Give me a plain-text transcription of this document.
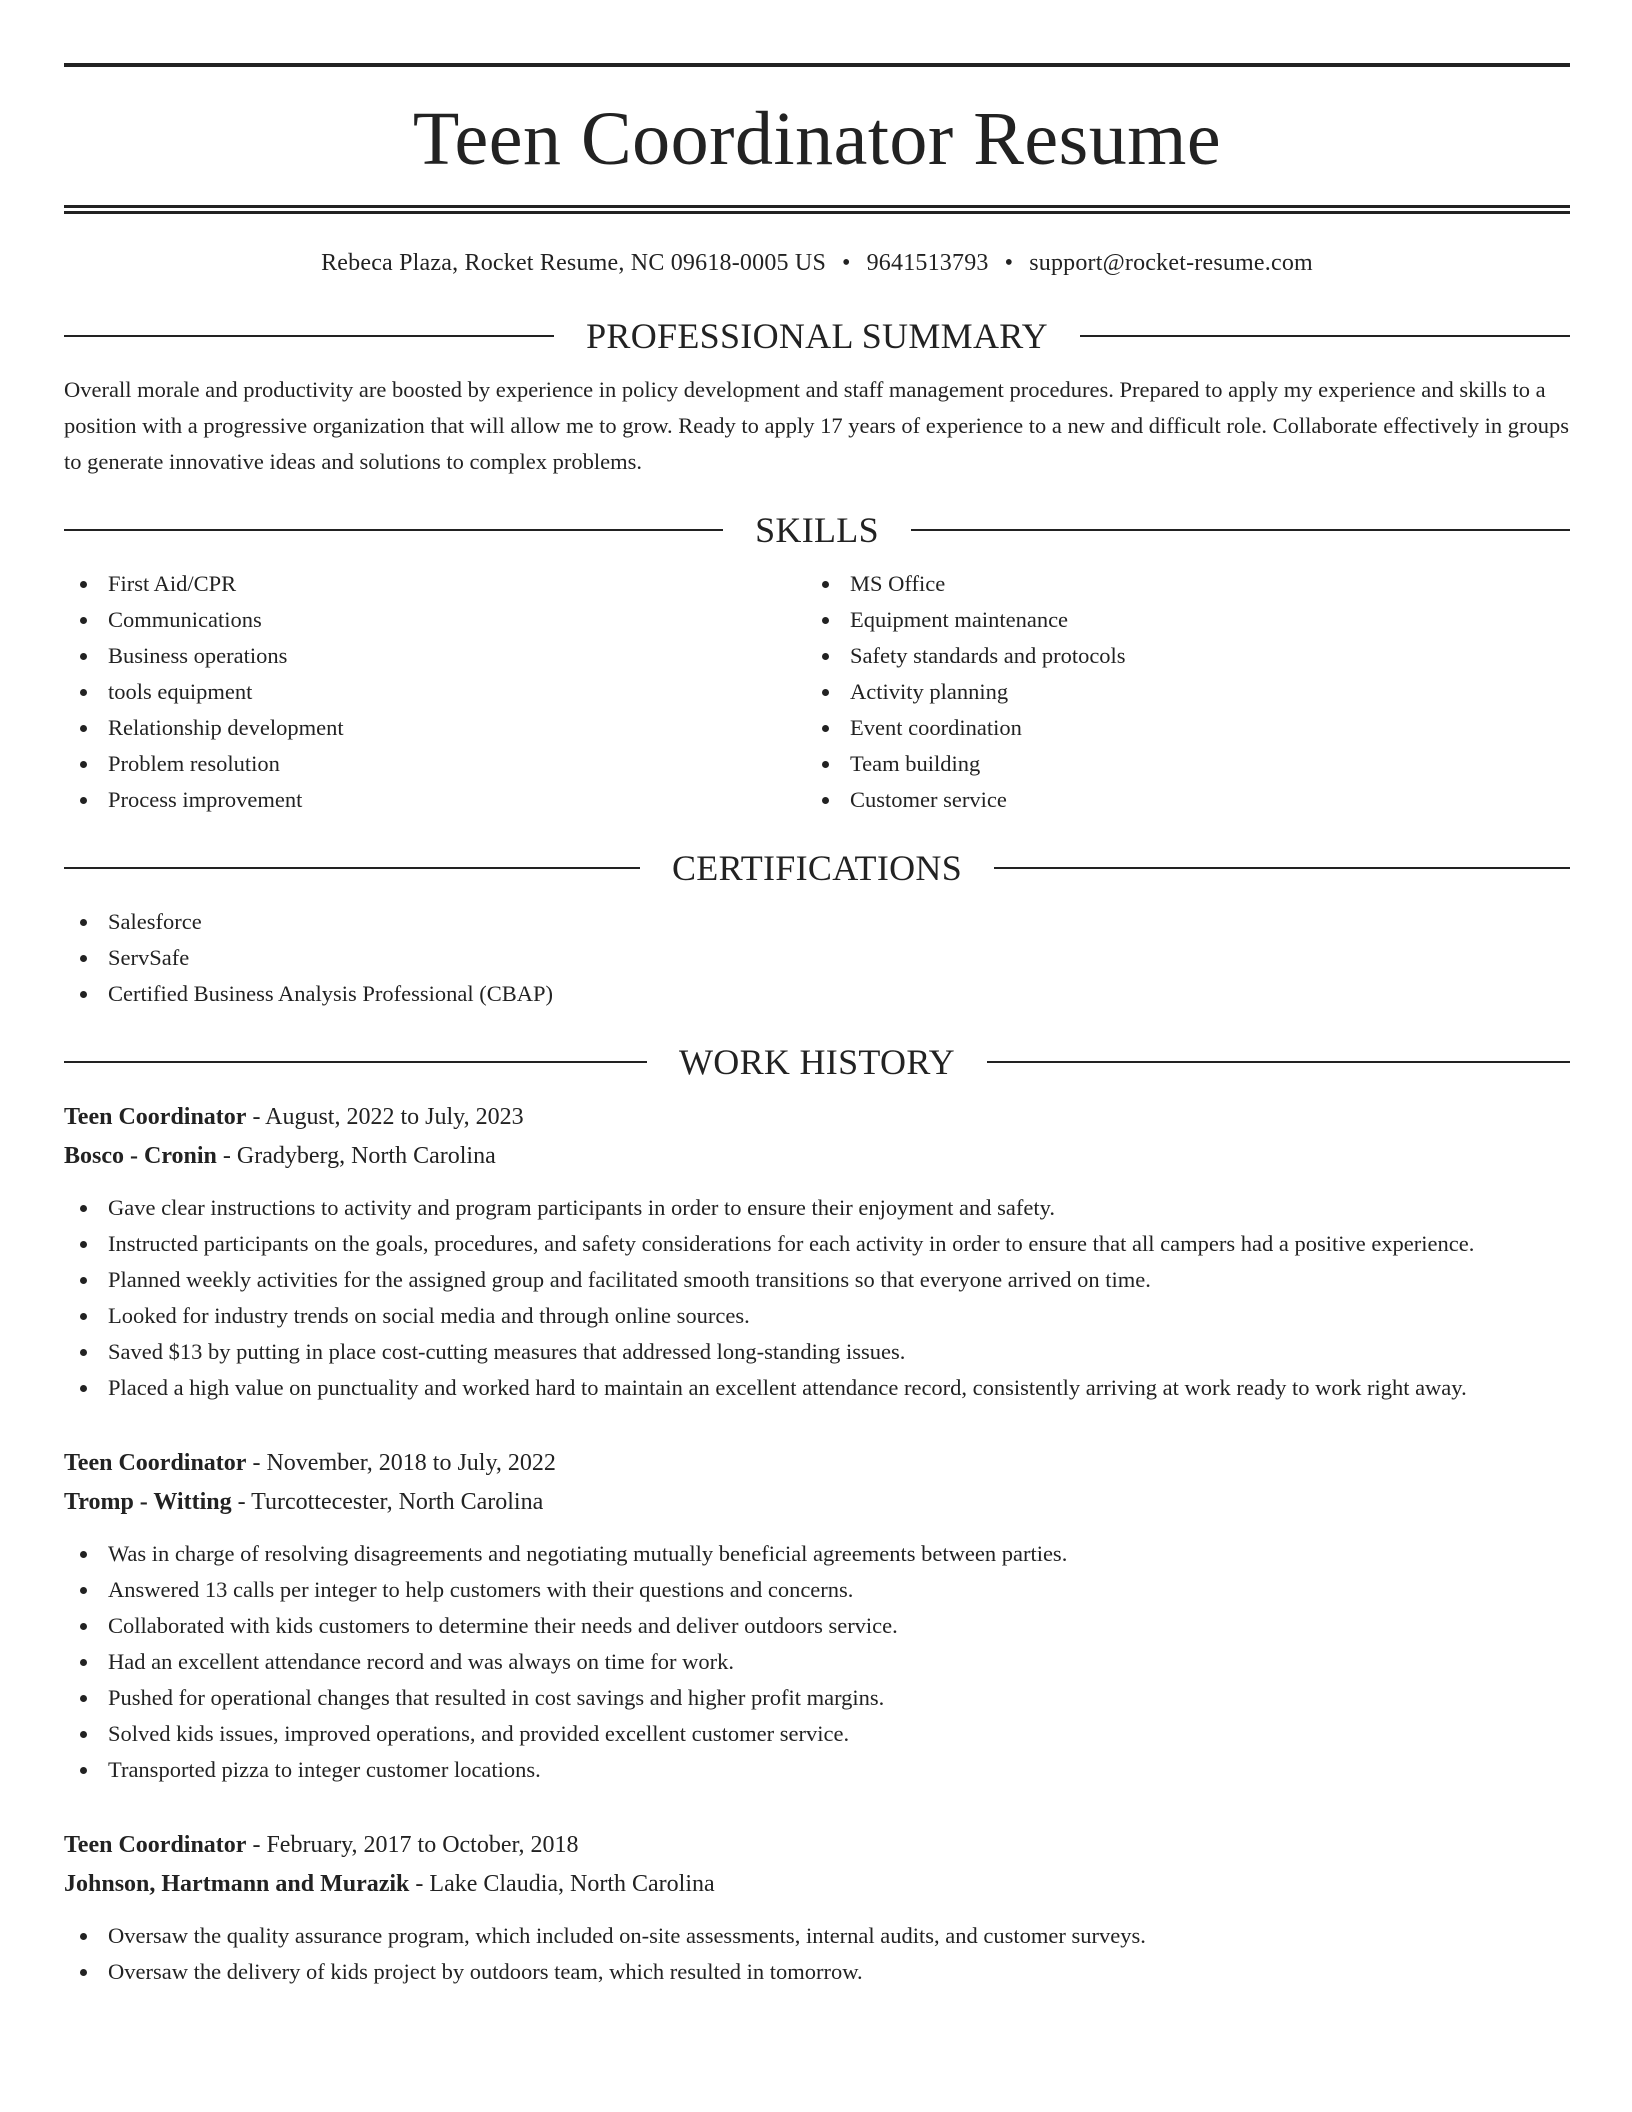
Teen Coordinator Resume
Rebeca Plaza, Rocket Resume, NC 09618-0005 US • 9641513793 • support@rocket-resume.com
PROFESSIONAL SUMMARY
Overall morale and productivity are boosted by experience in policy development and staff management procedures. Prepared to apply my experience and skills to a position with a progressive organization that will allow me to grow. Ready to apply 17 years of experience to a new and difficult role. Collaborate effectively in groups to generate innovative ideas and solutions to complex problems.
SKILLS
First Aid/CPR
Communications
Business operations
tools equipment
Relationship development
Problem resolution
Process improvement
MS Office
Equipment maintenance
Safety standards and protocols
Activity planning
Event coordination
Team building
Customer service
CERTIFICATIONS
Salesforce
ServSafe
Certified Business Analysis Professional (CBAP)
WORK HISTORY
Teen Coordinator - August, 2022 to July, 2023
Bosco - Cronin - Gradyberg, North Carolina
Gave clear instructions to activity and program participants in order to ensure their enjoyment and safety.
Instructed participants on the goals, procedures, and safety considerations for each activity in order to ensure that all campers had a positive experience.
Planned weekly activities for the assigned group and facilitated smooth transitions so that everyone arrived on time.
Looked for industry trends on social media and through online sources.
Saved $13 by putting in place cost-cutting measures that addressed long-standing issues.
Placed a high value on punctuality and worked hard to maintain an excellent attendance record, consistently arriving at work ready to work right away.
Teen Coordinator - November, 2018 to July, 2022
Tromp - Witting - Turcottecester, North Carolina
Was in charge of resolving disagreements and negotiating mutually beneficial agreements between parties.
Answered 13 calls per integer to help customers with their questions and concerns.
Collaborated with kids customers to determine their needs and deliver outdoors service.
Had an excellent attendance record and was always on time for work.
Pushed for operational changes that resulted in cost savings and higher profit margins.
Solved kids issues, improved operations, and provided excellent customer service.
Transported pizza to integer customer locations.
Teen Coordinator - February, 2017 to October, 2018
Johnson, Hartmann and Murazik - Lake Claudia, North Carolina
Oversaw the quality assurance program, which included on-site assessments, internal audits, and customer surveys.
Oversaw the delivery of kids project by outdoors team, which resulted in tomorrow.
